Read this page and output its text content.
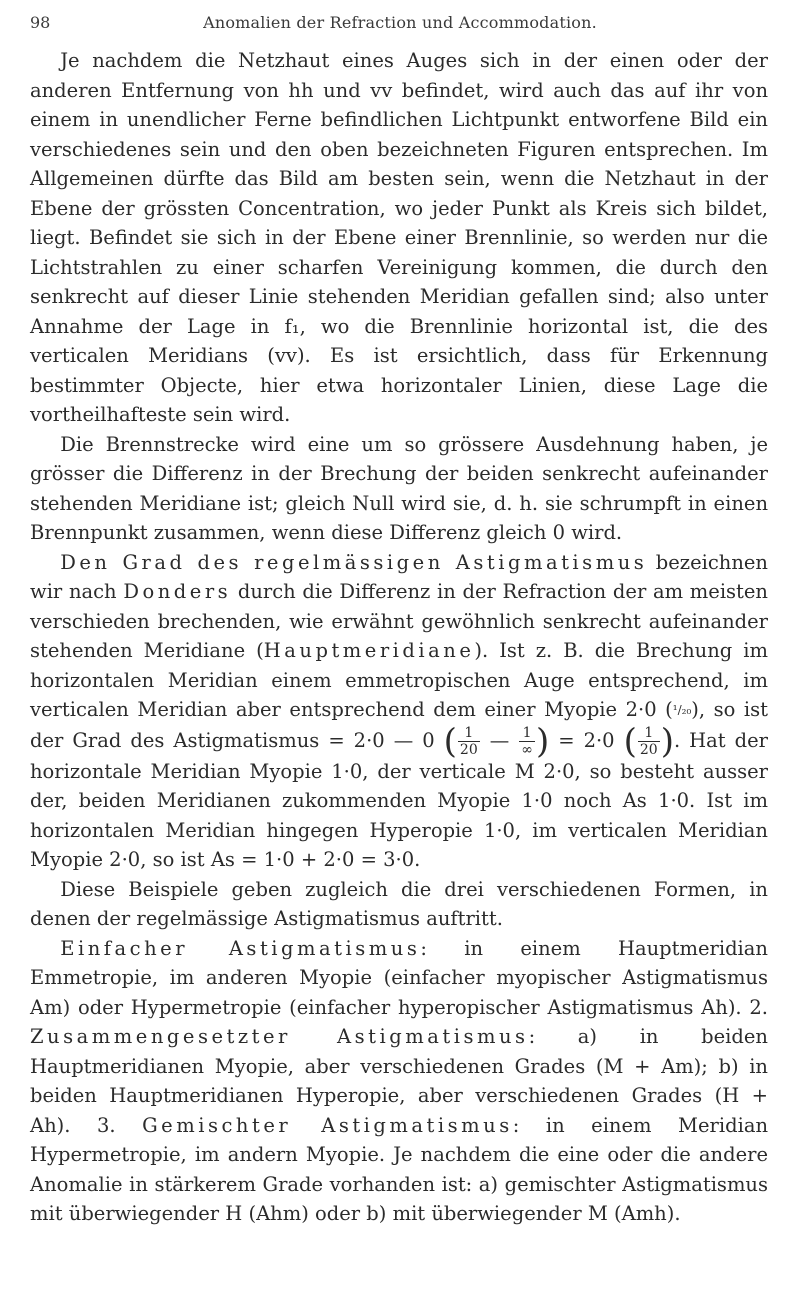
98	Anomalien der Refraction und Accommodation.

Je nachdem die Netzhaut eines Auges sich in der einen oder der anderen Entfernung von hh und vv befindet, wird auch das auf ihr von einem in unendlicher Ferne befindlichen Lichtpunkt entworfene Bild ein verschiedenes sein und den oben bezeichneten Figuren entsprechen. Im Allgemeinen dürfte das Bild am besten sein, wenn die Netzhaut in der Ebene der grössten Concentration, wo jeder Punkt als Kreis sich bildet, liegt. Befindet sie sich in der Ebene einer Brennlinie, so werden nur die Lichtstrahlen zu einer scharfen Vereinigung kommen, die durch den senkrecht auf dieser Linie stehenden Meridian gefallen sind; also unter Annahme der Lage in f₁, wo die Brennlinie horizontal ist, die des verticalen Meridians (vv). Es ist ersichtlich, dass für Erkennung bestimmter Objecte, hier etwa horizontaler Linien, diese Lage die vortheilhafteste sein wird.

Die Brennstrecke wird eine um so grössere Ausdehnung haben, je grösser die Differenz in der Brechung der beiden senkrecht aufeinander stehenden Meridiane ist; gleich Null wird sie, d. h. sie schrumpft in einen Brennpunkt zusammen, wenn diese Differenz gleich 0 wird.

Den Grad des regelmässigen Astigmatismus bezeichnen wir nach Donders durch die Differenz in der Refraction der am meisten verschieden brechenden, wie erwähnt gewöhnlich senkrecht aufeinander stehenden Meridiane (Hauptmeridiane). Ist z. B. die Brechung im horizontalen Meridian einem emmetropischen Auge entsprechend, im verticalen Meridian aber entsprechend dem einer Myopie 2·0 (¹/₂₀), so ist der Grad des Astigmatismus = 2·0 — 0 ( $\frac{1}{20}$ — $\frac{1}{\infty}$ ) = 2·0 ( $\frac{1}{20}$ ). Hat der horizontale Meridian Myopie 1·0, der verticale M 2·0, so besteht ausser der, beiden Meridianen zukommenden Myopie 1·0 noch As 1·0. Ist im horizontalen Meridian hingegen Hyperopie 1·0, im verticalen Meridian Myopie 2·0, so ist As = 1·0 + 2·0 = 3·0.

Diese Beispiele geben zugleich die drei verschiedenen Formen, in denen der regelmässige Astigmatismus auftritt.

Einfacher Astigmatismus: in einem Hauptmeridian Emmetropie, im anderen Myopie (einfacher myopischer Astigmatismus Am) oder Hypermetropie (einfacher hyperopischer Astigmatismus Ah). 2. Zusammengesetzter Astigmatismus: a) in beiden Hauptmeridianen Myopie, aber verschiedenen Grades (M + Am); b) in beiden Hauptmeridianen Hyperopie, aber verschiedenen Grades (H + Ah). 3. Gemischter Astigmatismus: in einem Meridian Hypermetropie, im andern Myopie. Je nachdem die eine oder die andere Anomalie in stärkerem Grade vorhanden ist: a) gemischter Astigmatismus mit überwiegender H (Ahm) oder b) mit überwiegender M (Amh).
